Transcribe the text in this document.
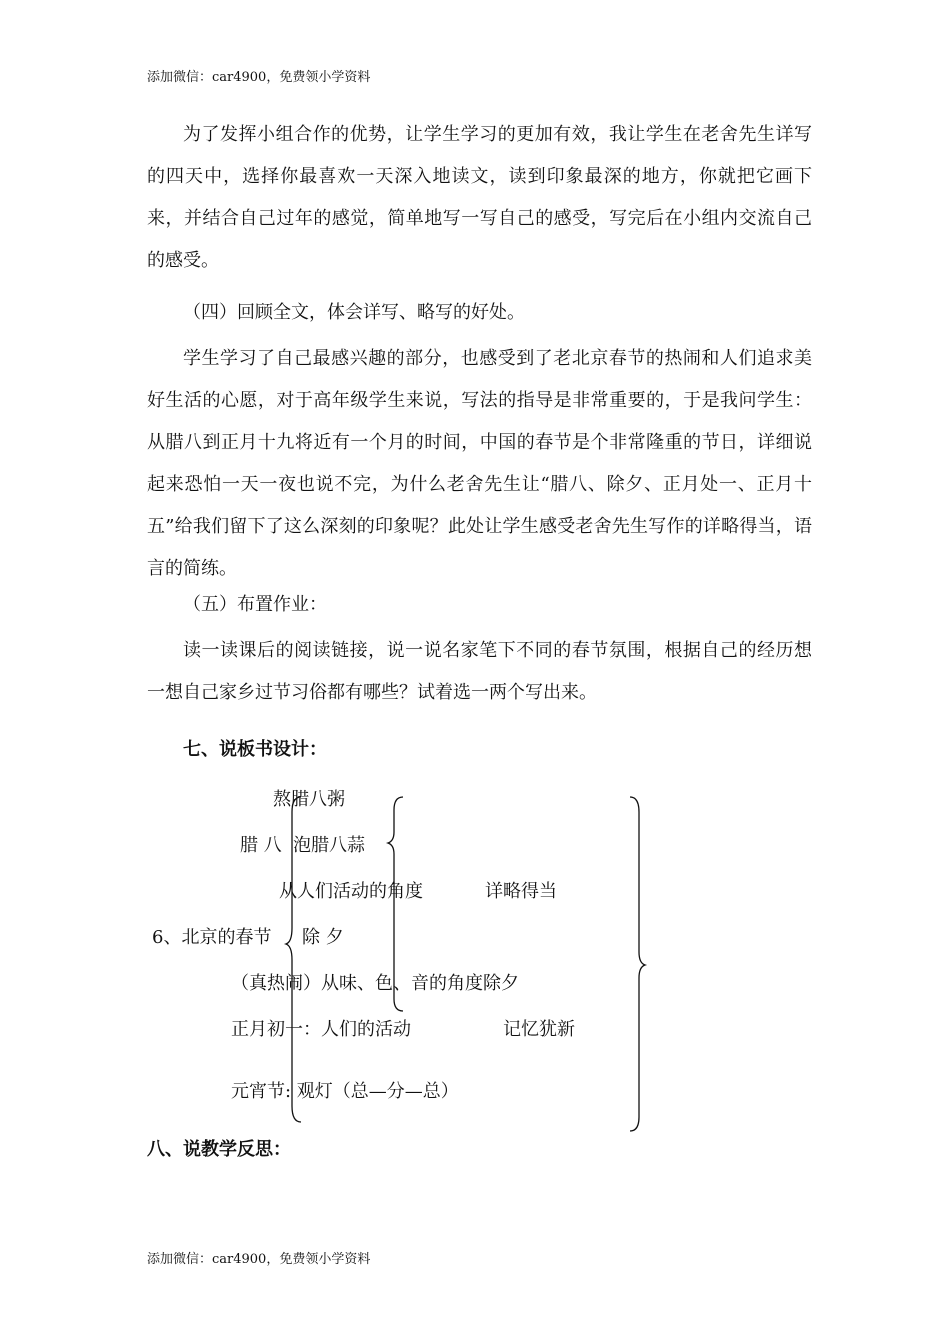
添加微信：car4900，免费领小学资料

为了发挥小组合作的优势，让学生学习的更加有效，我让学生在老舍先生详写的四天中，选择你最喜欢一天深入地读文，读到印象最深的地方，你就把它画下来，并结合自己过年的感觉，简单地写一写自己的感受，写完后在小组内交流自己的感受。

（四）回顾全文，体会详写、略写的好处。

学生学习了自己最感兴趣的部分，也感受到了老北京春节的热闹和人们追求美好生活的心愿，对于高年级学生来说，写法的指导是非常重要的，于是我问学生：从腊八到正月十九将近有一个月的时间，中国的春节是个非常隆重的节日，详细说起来恐怕一天一夜也说不完，为什么老舍先生让“腊八、除夕、正月处一、正月十五”给我们留下了这么深刻的印象呢？此处让学生感受老舍先生写作的详略得当，语言的简练。

（五）布置作业：

读一读课后的阅读链接，说一说名家笔下不同的春节氛围，根据自己的经历想一想自己家乡过节习俗都有哪些？试着选一两个写出来。

七、说板书设计：
熬腊八粥
腊 八 泡腊八蒜
从人们活动的角度	详略得当
6、北京的春节 除 夕
（真热闹）从味、色、音的角度除夕
正月初一：人们的活动	记忆犹新
元宵节: 观灯（总—分—总）
八、说教学反思：
添加微信：car4900，免费领小学资料
